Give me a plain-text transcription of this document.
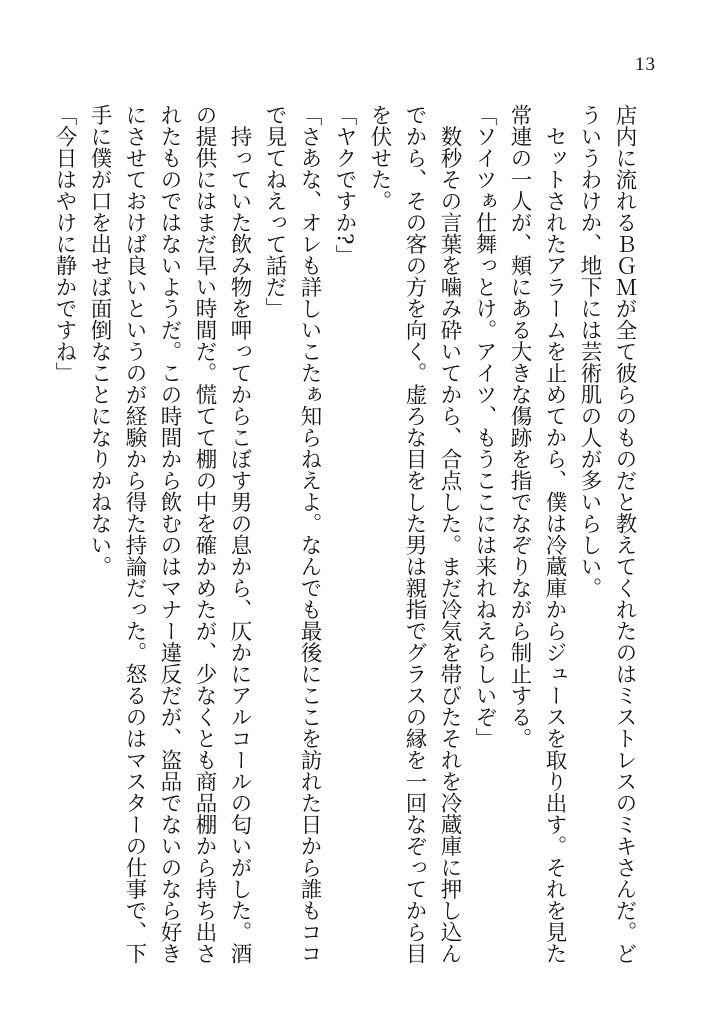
13

店内に流れるＢＧＭが全て彼らのものだと教えてくれたのはミストレスのミキさんだ。どういうわけか、地下には芸術肌の人が多いらしい。

　セットされたアラームを止めてから、僕は冷蔵庫からジュースを取り出す。それを見た常連の一人が、頬にある大きな傷跡を指でなぞりながら制止する。

「ソイツぁ仕舞っとけ。アイツ、もうここには来れねえらしいぞ」

　数秒その言葉を噛み砕いてから、合点した。まだ冷気を帯びたそれを冷蔵庫に押し込んでから、その客の方を向く。虚ろな目をした男は親指でグラスの縁を一回なぞってから目を伏せた。

「ヤクですか?」

「さあな、オレも詳しいこたぁ知らねえよ。なんでも最後にここを訪れた日から誰もココで見てねえって話だ」

　持っていた飲み物を呷ってからこぼす男の息から、仄かにアルコールの匂いがした。酒の提供にはまだ早い時間だ。慌てて棚の中を確かめたが、少なくとも商品棚から持ち出されたものではないようだ。この時間から飲むのはマナー違反だが、盗品でないのなら好きにさせておけば良いというのが経験から得た持論だった。怒るのはマスターの仕事で、下手に僕が口を出せば面倒なことになりかねない。

「今日はやけに静かですね」
